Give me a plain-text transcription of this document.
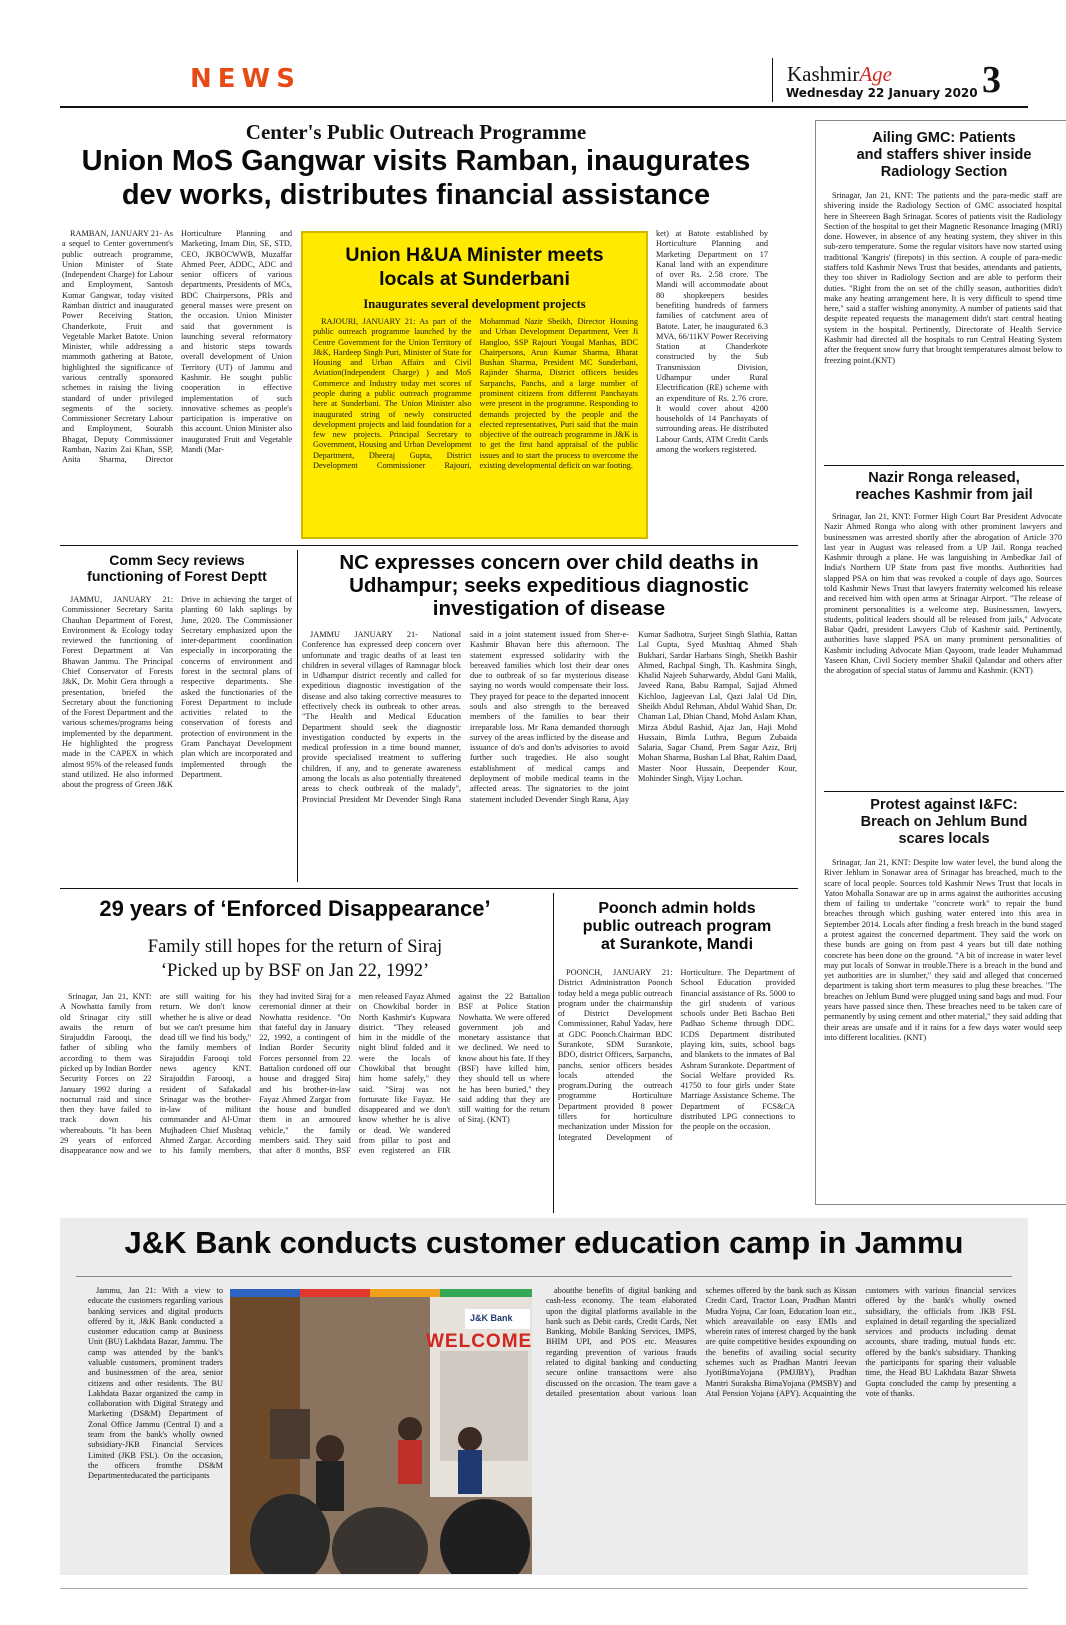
NEWS	KashmirAge
Wednesday 22 January 2020 3
Center's Public Outreach Programme
Union MoS Gangwar visits Ramban, inaugurates
dev works, distributes financial assistance

RAMBAN, JANUARY 21- As a sequel to Center government's public outreach programme, Union Minister of State (Independent Charge) for Labour and Employment, Santosh Kumar Gangwar, today visited Ramban district and inaugurated Power Receiving Station, Chanderkote, Fruit and Vegetable Market Batote. Union Minister, while addressing a mammoth gathering at Batote, highlighted the significance of various centrally sponsored schemes in raising the living standard of under privileged segments of the society. Commissioner Secretary Labour and Employment, Sourabh Bhagat, Deputy Commissioner Ramban, Nazim Zai Khan, SSP, Anita Sharma, Director Horticulture Planning and Marketing, Imam Din, SE, STD, CEO, JKBOCWWB, Muzaffar Ahmed Peer, ADDC, ADC and senior officers of various departments, Presidents of MCs, BDC Chairpersons, PRIs and general masses were present on the occasion. Union Minister said that government is launching several reformatory and historic steps towards overall development of Union Territory (UT) of Jammu and Kashmir. He sought public cooperation in effective implementation of such innovative schemes as people's participation is imperative on this account. Union Minister also inaugurated Fruit and Vegetable Mandi (Mar-

ket) at Batote established by Horticulture Planning and Marketing Department on 17 Kanal land with an expenditure of over Rs. 2.58 crore. The Mandi will accommodate about 80 shopkeepers besides benefiting hundreds of farmers families of catchment area of Batote. Later, he inaugurated 6.3 MVA, 66/11KV Power Receiving Station at Chanderkote constructed by the Sub Transmission Division, Udhampur under Rural Electrification (RE) scheme with an expenditure of Rs. 2.76 crore. It would cover about 4200 households of 14 Panchayats of surrounding areas. He distributed Labour Cards, ATM Credit Cards among the workers registered.

Union H&UA Minister meets
locals at Sunderbani
Inaugurates several development projects

RAJOURI, JANUARY 21: As part of the public outreach programme launched by the Centre Government for the Union Territory of J&K, Hardeep Singh Puri, Minister of State for Housing and Urban Affairs and Civil Aviation(Independent Charge) ) and MoS Commerce and Industry today met scores of people during a public outreach programme here at Sunderbani. The Union Minister also inaugurated string of newly constructed development projects and laid foundation for a few new projects. Principal Secretary to Government, Housing and Urban Development Department, Dheeraj Gupta, District Development Commissioner Rajouri, Mohammad Nazir Sheikh, Director Housing and Urban Development Department, Veer Ji Hangloo, SSP Rajouri Yougal Manhas, BDC Chairpersons, Arun Kumar Sharma, Bharat Bushan Sharma, President MC Sunderbani, Rajinder Sharma, District officers besides Sarpanchs, Panchs, and a large number of prominent citizens from different Panchayats were present in the programme. Responding to demands projected by the people and the elected representatives, Puri said that the main objective of the outreach programme in J&K is to get the first hand appraisal of the public issues and to start the process to overcome the existing developmental deficit on war footing.

Comm Secy reviews
functioning of Forest Deptt

JAMMU, JANUARY 21: Commissioner Secretary Sarita Chauhan Department of Forest, Environment & Ecology today reviewed the functioning of Forest Department at Van Bhawan Jammu. The Principal Chief Conservator of Forests J&K, Dr. Mohit Gera through a presentation, briefed the Secretary about the functioning of the Forest Department and the various schemes/programs being implemented by the department. He highlighted the progress made in the CAPEX in which almost 95% of the released funds stand utilized. He also informed about the progress of Green J&K Drive in achieving the target of planting 60 lakh saplings by June, 2020. The Commissioner Secretary emphasized upon the inter-department coordination especially in incorporating the concerns of environment and forest in the sectoral plans of respective departments. She asked the functionaries of the Forest Department to include activities related to the conservation of forests and protection of environment in the Gram Panchayat Development plan which are incorporated and implemented through the Department.

NC expresses concern over child deaths in
Udhampur; seeks expeditious diagnostic
investigation of disease

JAMMU JANUARY 21- National Conference has expressed deep concern over unfortunate and tragic deaths of at least ten children in several villages of Ramnagar block in Udhampur district recently and called for expeditious diagnostic investigation of the disease and also taking corrective measures to effectively check its outbreak to other areas. "The Health and Medical Education Department should seek the diagnostic investigation conducted by experts in the medical profession in a time bound manner, provide specialised treatment to suffering children, if any, and to generate awareness among the locals as also potentially threatened areas to check outbreak of the malady", Provincial President Mr Devender Singh Rana said in a joint statement issued from Sher-e-Kashmir Bhavan here this afternoon. The statement expressed solidarity with the bereaved families which lost their dear ones due to outbreak of so far mysterious disease saying no words would compensate their loss. They prayed for peace to the departed innocent souls and also strength to the bereaved members of the families to bear their irreparable loss. Mr Rana demanded thorough survey of the areas inflicted by the disease and issuance of do's and don'ts advisories to avoid further such tragedies. He also sought establishment of medical camps and deployment of mobile medical teams in the affected areas. The signatories to the joint statement included Devender Singh Rana, Ajay Kumar Sadhotra, Surjeet Singh Slathia, Rattan Lal Gupta, Syed Mushtaq Ahmed Shah Bukhari, Sardar Harbans Singh, Sheikh Bashir Ahmed, Rachpal Singh, Th. Kashmira Singh, Khalid Najeeb Suharwardy, Abdul Gani Malik, Javeed Rana, Babu Rampal, Sajjad Ahmed Kichloo, Jagjeevan Lal, Qazi Jalal Ud Din, Sheikh Abdul Rehman, Abdul Wahid Shan, Dr. Chaman Lal, Dhian Chand, Mohd Aslam Khan, Mirza Abdul Rashid, Ajaz Jan, Haji Mohd Hussain, Bimla Luthra, Begum Zubaida Salaria, Sagar Chand, Prem Sagar Aziz, Brij Mohan Sharma, Bushan Lal Bhat, Rahim Daad, Master Noor Hussain, Deepender Kour, Mohinder Singh, Vijay Lochan.

29 years of ‘Enforced Disappearance’
Family still hopes for the return of Siraj
‘Picked up by BSF on Jan 22, 1992’

Srinagar, Jan 21, KNT: A Nowhatta family from old Srinagar city still awaits the return of Sirajuddin Farooqi, the father of sibling who according to them was picked up by Indian Border Security Forces on 22 January 1992 during a nocturnal raid and since then they have failed to track down his whereabouts. "It has been 29 years of enforced disappearance now and we are still waiting for his return. We don't know whether he is alive or dead but we can't presume him dead till we find his body," the family members of Sirajuddin Farooqi told news agency KNT. Sirajuddin Farooqi, a resident of Safakadal Srinagar was the brother-in-law of militant commander and Al-Umar Mujhadeen Chief Mushtaq Ahmed Zargar. According to his family members, they had invited Siraj for a ceremonial dinner at their Nowhatta residence. "On that fateful day in January 22, 1992, a contingent of Indian Border Security Forces personnel from 22 Battalion cordoned off our house and dragged Siraj and his brother-in-law Fayaz Ahmed Zargar from the house and bundled them in an armoured vehicle," the family members said. They said that after 8 months, BSF men released Fayaz Ahmed on Chowkibal border in North Kashmir's Kupwara district. "They released him in the middle of the night blind folded and it were the locals of Chowkibal that brought him home safely," they said. "Siraj was not fortunate like Fayaz. He disappeared and we don't know whether he is alive or dead. We wandered from pillar to post and even registered an FIR against the 22 Battalion BSF at Police Station Nowhatta. We were offered government job and monetary assistance that we declined. We need to know about his fate. If they (BSF) have killed him, they should tell us where he has been buried," they said adding that they are still waiting for the return of Siraj. (KNT)

Poonch admin holds
public outreach program
at Surankote, Mandi

POONCH, JANUARY 21: District Administration Poonch today held a mega public outreach program under the chairmanship of District Development Commissioner, Rahul Yadav, here at GDC Poonch.Chairman BDC Surankote, SDM Surankote, BDO, district Officers, Sarpanchs, panchs, senior officers besides locals attended the program.During the outreach programme Horticulture Department provided 8 power tillers for horticulture mechanization under Mission for Integrated Development of Horticulture. The Department of School Education provided financial assistance of Rs. 5000 to the girl students of various schools under Beti Bachao Beti Padhao Scheme through DDC. ICDS Department distributed playing kits, suits, school bags and blankets to the inmates of Bal Ashram Surankote. Department of Social Welfare provided Rs. 41750 to four girls under State Marriage Assistance Scheme. The Department of FCS&CA distributed LPG connections to the people on the occasion.

Ailing GMC: Patients
and staffers shiver inside
Radiology Section

Srinagar, Jan 21, KNT: The patients and the para-medic staff are shivering inside the Radiology Section of GMC associated hospital here in Sheereen Bagh Srinagar. Scores of patients visit the Radiology Section of the hospital to get their Magnetic Resonance Imaging (MRI) done. However, in absence of any heating system, they shiver in this sub-zero temperature. Some the regular visitors have now started using traditional 'Kangris' (firepots) in this section. A couple of para-medic staffers told Kashmir News Trust that besides, attendants and patients, they too shiver in Radiology Section and are able to perform their duties. "Right from the on set of the chilly season, authorities didn't make any heating arrangement here. It is very difficult to spend time here," said a staffer wishing anonymity. A number of patients said that despite repeated requests the management didn't start central heating system in the hospital. Pertinently, Directorate of Health Service Kashmir had directed all the hospitals to run Central Heating System after the frequent snow furry that brought temperatures almost below to freezing point.(KNT)

Nazir Ronga released,
reaches Kashmir from jail

Srinagar, Jan 21, KNT: Former High Court Bar President Advocate Nazir Ahmed Ronga who along with other prominent lawyers and businessmen was arrested shortly after the abrogation of Article 370 last year in August was released from a UP Jail. Ronga reached Kashmir through a plane. He was languishing in Ambedkar Jail of India's Northern UP State from past five months. Authorities had slapped PSA on him that was revoked a couple of days ago. Sources told Kashmir News Trust that lawyers fraternity welcomed his release and received him with open arms at Srinagar Airport. "The release of prominent personalities is a welcome step. Businessmen, lawyers, students, political leaders should all be released from jails," Advocate Babar Qadri, president Lawyers Club of Kashmir said. Pertinently, authorities have slapped PSA on many prominent personalities of Kashmir including Advocate Mian Qayoom, trade leader Muhammad Yaseen Khan, Civil Society member Shakil Qalandar and others after the abrogation of special status of Jammu and Kashmir. (KNT)

Protest against I&FC:
Breach on Jehlum Bund
scares locals

Srinagar, Jan 21, KNT: Despite low water level, the bund along the River Jehlum in Sonawar area of Srinagar has breached, much to the scare of local people. Sources told Kashmir News Trust that locals in Yatoo Mohalla Sonawar are up in arms against the authorities accusing them of failing to undertake "concrete work" to repair the bund breaches through which gushing water entered into this area in September 2014. Locals after finding a fresh breach in the bund staged a protest against the concerned department. They said the work on these bunds are going on from past 4 years but till date nothing concrete has been done on the ground. "A bit of increase in water level may put locals of Sonwar in trouble.There is a breach in the bund and yet authorities are in slumber," they said and alleged that concerned department is taking short term measures to plug these breaches. "The breaches on Jehlum Bund were plugged using sand bags and mud. Four years have passed since then. These breaches need to be taken care of permanently by using cement and other material," they said adding that their areas are unsafe and if it rains for a few days water would seep into different localities. (KNT)

J&K Bank conducts customer education camp in Jammu

Jammu, Jan 21: With a view to educate the customers regarding various banking services and digital products offered by it, J&K Bank conducted a customer education camp at Business Unit (BU) Lakhdata Bazar, Jammu. The camp was attended by the bank's valuable customers, prominent traders and businessmen of the area, senior citizens and other residents. The BU Lakhdata Bazar organized the camp in collaboration with Digital Strategy and Marketing (DS&M) Department of Zonal Office Jammu (Central I) and a team from the bank's wholly owned subsidiary-JKB Financial Services Limited (JKB FSL). On the occasion, the officers fromthe DS&M Departmenteducated the participants

J&K Bank
WELCOME

aboutthe benefits of digital banking and cash-less economy. The team elaborated upon the digital platforms available in the bank such as Debit cards, Credit Cards, Net Banking, Mobile Banking Services, IMPS, BHIM UPI, and POS etc. Measures regarding prevention of various frauds related to digital banking and conducting secure online transactions were also discussed on the occasion. The team gave a detailed presentation about various loan schemes offered by the bank such as Kissan Credit Card, Tractor Loan, Pradhan Mantri Mudra Yojna, Car loan, Education loan etc., which areavailable on easy EMIs and wherein rates of interest charged by the bank are quite competitive besides expounding on the benefits of availing social security schemes such as Pradhan Mantri Jeevan JyotiBimaYojana (PMJJBY), Pradhan Mantri Suraksha BimaYojana (PMSBY) and Atal Pension Yojana (APY). Acquainting the customers with various financial services offered by the bank's wholly owned subsidiary, the officials from JKB FSL explained in detail regarding the specialized services and products including demat accounts, share trading, mutual funds etc. offered by the bank's subsidiary. Thanking the participants for sparing their valuable time, the Head BU Lakhdata Bazar Shweta Gupta concluded the camp by presenting a vote of thanks.
